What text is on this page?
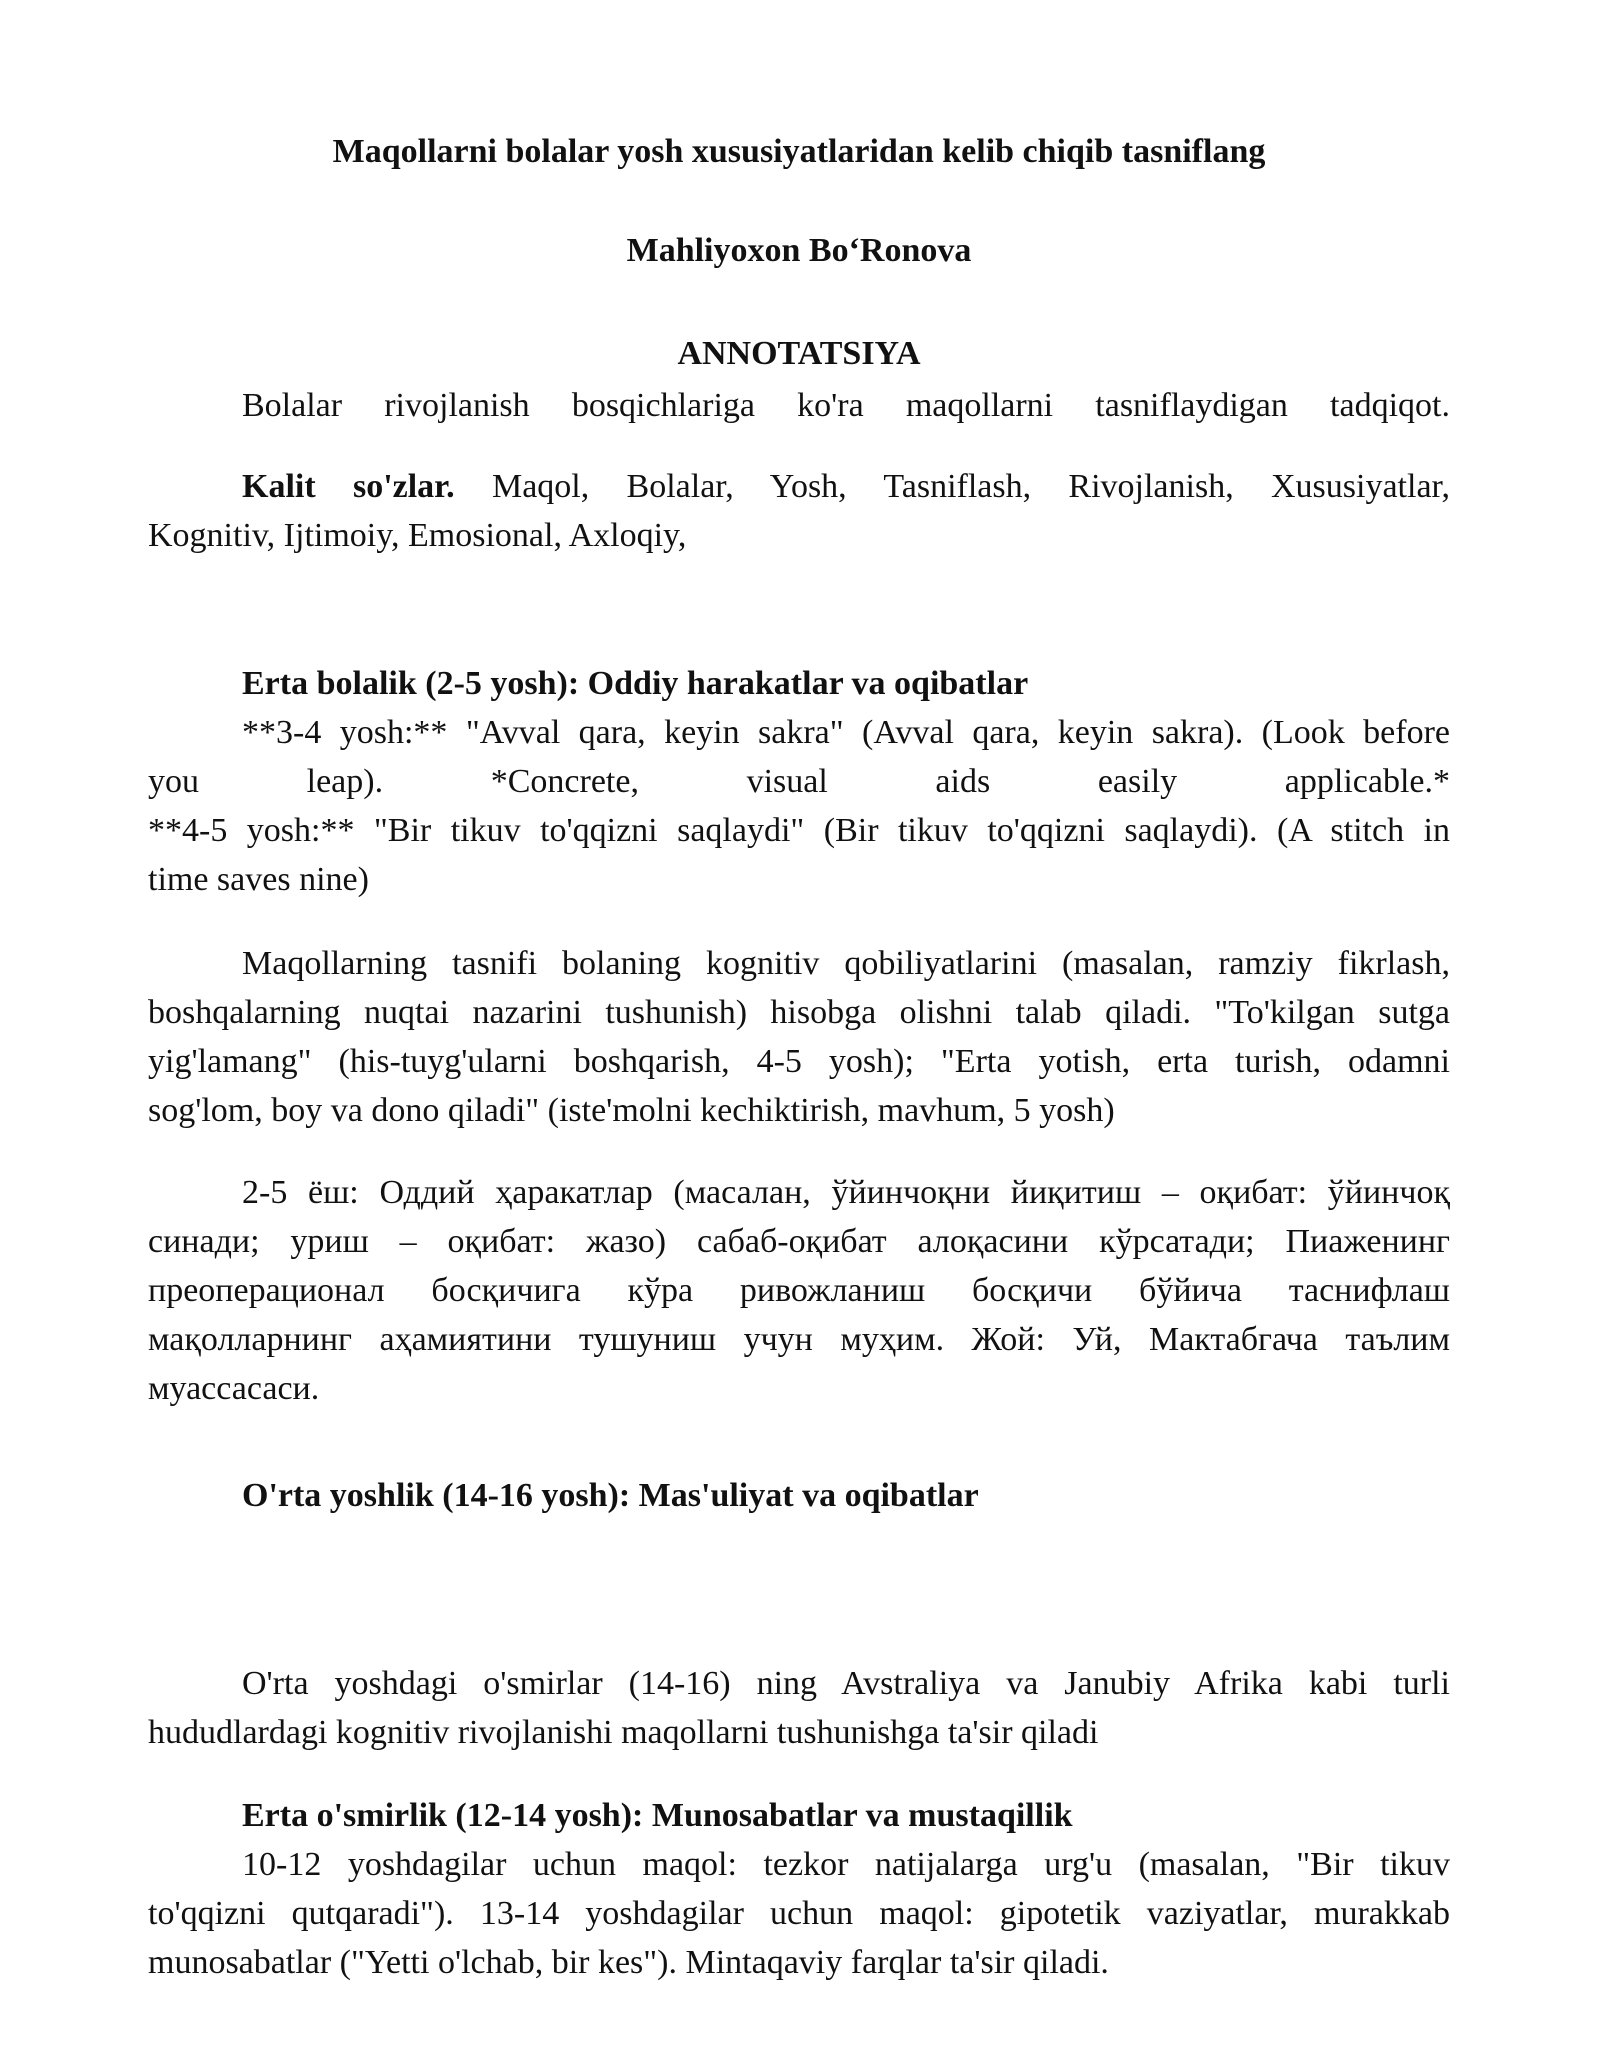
Maqollarni bolalar yosh xususiyatlaridan kelib chiqib tasniflang
Mahliyoxon Bo‘Ronova
ANNOTATSIYA
Bolalar rivojlanish bosqichlariga ko'ra maqollarni tasniflaydigan tadqiqot.
Kalit so'zlar. Maqol, Bolalar, Yosh, Tasniflash, Rivojlanish, Xususiyatlar,
Kognitiv, Ijtimoiy, Emosional, Axloqiy,
Erta bolalik (2-5 yosh): Oddiy harakatlar va oqibatlar
**3-4 yosh:** "Avval qara, keyin sakra" (Avval qara, keyin sakra). (Look before
you leap). *Concrete, visual aids easily applicable.*
**4-5 yosh:** "Bir tikuv to'qqizni saqlaydi" (Bir tikuv to'qqizni saqlaydi). (A stitch in
time saves nine)
Maqollarning tasnifi bolaning kognitiv qobiliyatlarini (masalan, ramziy fikrlash,
boshqalarning nuqtai nazarini tushunish) hisobga olishni talab qiladi. "To'kilgan sutga
yig'lamang" (his-tuyg'ularni boshqarish, 4-5 yosh); "Erta yotish, erta turish, odamni
sog'lom, boy va dono qiladi" (iste'molni kechiktirish, mavhum, 5 yosh)
2-5 ёш: Оддий ҳаракатлар (масалан, ўйинчоқни йиқитиш – оқибат: ўйинчоқ
синади; уриш – оқибат: жазо) сабаб-оқибат алоқасини кўрсатади; Пиаженинг
преоперационал босқичига кўра ривожланиш босқичи бўйича таснифлаш
мақолларнинг аҳамиятини тушуниш учун муҳим. Жой: Уй, Мактабгача таълим
муассасаси.
O'rta yoshlik (14-16 yosh): Mas'uliyat va oqibatlar
O'rta yoshdagi o'smirlar (14-16) ning Avstraliya va Janubiy Afrika kabi turli
hududlardagi kognitiv rivojlanishi maqollarni tushunishga ta'sir qiladi
Erta o'smirlik (12-14 yosh): Munosabatlar va mustaqillik
10-12 yoshdagilar uchun maqol: tezkor natijalarga urg'u (masalan, "Bir tikuv
to'qqizni qutqaradi"). 13-14 yoshdagilar uchun maqol: gipotetik vaziyatlar, murakkab
munosabatlar ("Yetti o'lchab, bir kes"). Mintaqaviy farqlar ta'sir qiladi.
